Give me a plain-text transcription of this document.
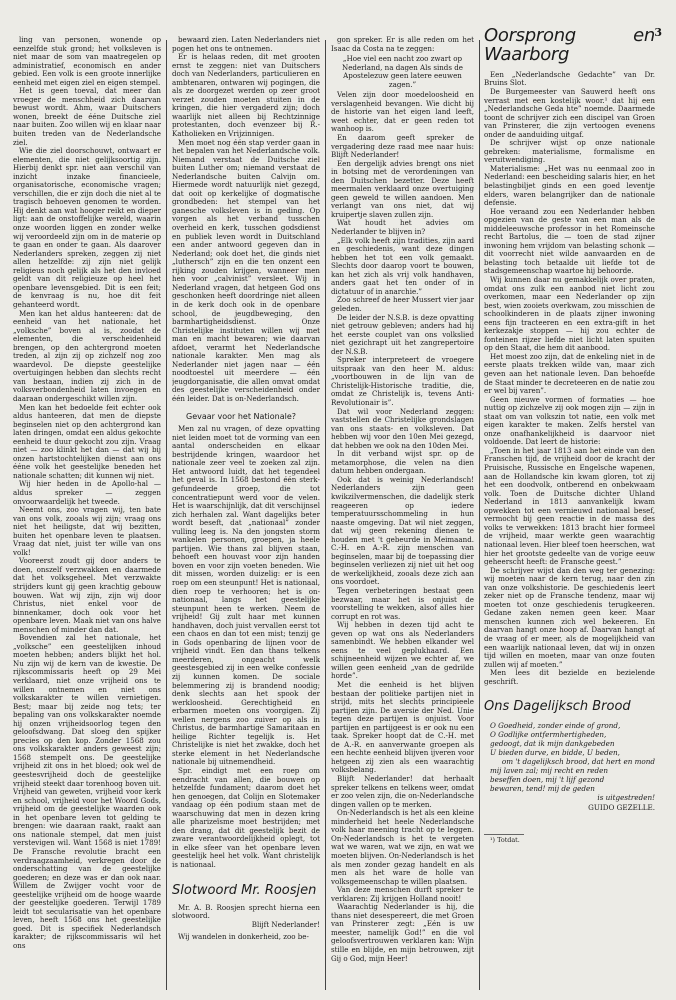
3

ling van personen, wonende op eenzelfde stuk grond; het volksleven is niet maar de som van maatregelen op administratief, economisch en ander gebied. Een volk is een groote innerlijke eenheid met eigen ziel en eigen stempel.

Het is geen toeval, dat meer dan vroeger de menschheid zich daarvan bewust wordt. Ahm, waar Duitschers wonen, breekt de ééne Duitsche ziel naar buiten. Zoo willen wij en klaar naar buiten treden van de Nederlandsche ziel.

Wie die ziel doorschouwt, ontwaart er elementen, die niet gelijksoortig zijn. Hierbij denkt spr. niet aan verschil van inzicht inzake financieele, organisatorische, economische vragen; verschillen, die er zijn doch die niet al te tragisch behoeven genomen te worden. Hij denkt aan wat hooger reikt en dieper ligt: aan de onstoffelijke wereld, waarin onze woorden liggen en zonder welke wij veroordeeld zijn om in de materie op te gaan en onder te gaan. Als daarover Nederlanders spreken, zeggen zij niet allen hetzelfde: zij zijn niet gelijk religieus noch gelijk als het den invloed geldt van dit religieuze op heel het openbare levensgebied. Dit is een feit; de kenvraag is nu, hoe dit feit gehanteerd wordt.

Men kan het aldus hanteeren: dat de eenheid van het nationale, het „volksche” boven al is, zoodat de elementen, die verscheidenheid brengen, op den achtergrond moeten treden, al zijn zij op zichzelf nog zoo waardevol. De diepste geestelijke overtuigingen hebben dan slechts recht van bestaan, indien zij zich in de volksverbondenheid laten invoegen en daaraan ondergeschikt willen zijn.

Men kan het bedoelde feit echter ook aldus hanteeren, dat men de diepste beginselen niet op den achtergrond kan laten dringen, omdat een aldus gekochte eenheid te duur gekocht zou zijn. Vraag niet — zoo klinkt het dan — dat wij bij onzen hartstochtelijken dienst aan ons ééne volk het geestelijke beneden het nationale schatten; dit kunnen wij niet.

Wij hier heden in de Apollo-hal — aldus spreker — zeggen onvoorwaardelijk het tweede.

Neemt ons, zoo vragen wij, ten bate van ons volk, zooals wij zijn; vraag ons niet het heiligste, dat wij bezitten, buiten het openbare leven te plaatsen. Vraag dat niet, juist ter wille van ons volk!

Vooreerst zoudt gij door anders te doen, onszelf verzwakken en daarmede dat het volksgeheel. Met verzwakte strijders kunt gij geen krachtig gebouw bouwen. Wat wij zijn, zijn wij door Christus, niet enkel voor de binnenkamer, doch ook voor het openbare leven. Maak niet van ons halve menschen of minder dan dat.

Bovendien zal het nationale, het „volksche” een geestelijken inhoud moeten hebben; anders blijkt het hol. Nu zijn wij de kern van de kwestie. De rijkscommissaris heeft op 29 Mei verklaard, niet onze vrijheid ons te willen ontnemen en niet ons volkskarakter te willen vernietigen. Best; maar bij zeide nog tets; ter bepaling van ons volkskarakter noemde hij onzen vrijheidsoorlog tegen den geloofsdwang. Dat sloeg den spijker precies op den kop. Zonder 1568 zou ons volkskarakter anders geweest zijn; 1568 stempelt ons. De geestelijke vrijheid zit ons in het bloed; ook wel de geestesvrijheid doch de geestelijke vrijheid steekt daar torenhoog boven uit. Vrijheid van geweten, vrijheid voor kerk en school, vrijheid voor het Woord Gods, vrijheid om de geestelijke waarden ook in het openbare leven tot gelding te brengen: wie daaraan raakt, raakt aan ons nationale stempel, dat men juist verstevigen wil. Want 1568 is niet 1789! De Fransche revolutie bracht een verdraagzaamheid, verkregen door de onderschatting van de geestelijke goederen; en deze was er dan ook naar. Willem de Zwijger vocht voor de geestelijke vrijheid om de hooge waarde der geestelijke goederen. Terwijl 1789 leidt tot secularisatie van het openbare leven, heeft 1568 ons het geestelijke goed. Dit is specifiek Nederlandsch karakter; de rijkscommissaris wil het ons

bewaard zien. Laten Nederlanders niet pogen het ons te ontnemen.

Er is helaas reden, dit met grooten ernst te zeggen: niet van Duitschers doch van Nederlanders, particulieren en ambtenaren, ontwaren wij pogingen, die als ze doorgezet werden op zeer groot verzet zouden moeten stuiten in de kringen, die hier vergaderd zijn; doch waarlijk niet alleen bij Rechtzinnige protestanten, doch evenzeer bij R.-Katholieken en Vrijzinnigen.

Men moet nog één stap verder gaan in het bepalen van het Nederlandsche volk. Niemand verstaat de Duitsche ziel buiten Luther om; niemand verstaat de Nederlandsche buiten Calvijn om. Hiermede wordt natuurlijk niet gezegd, dat ooit op kerkelijke of dogmatische grondbeden: het stempel van het ganesche volksleven is in geding. Op vorgen als het verband tusschen overheid en kerk, tusschen godsdienst en publiek leven wordt in Duitschland een ander antwoord gegeven dan in Nederland; ook doet het, die ginds niet „luthersch” zijn en die ten onzent een rijking zouden krijgen, wanneer men hen voor „calvinist” versleet. Wij in Nederland vragen, dat hetgeen God ons geschonken heeft doordringe niet alleen in de kerk doch ook in de openbare school, de jeugdbeweging, den barmhartigheidsdienst. Onze Christelijke instituten willen wij met man en macht bewaren; wie daarvan afdoet, verarmt het Nederlandsche nationale karakter. Men mag als Nederlander niet jagen naar — één noodtoestel uit meerdere — één jeugdorganisatie, die allen omvat omdat des geestelijke verscheidenheid onder één leider. Dat is on-Nederlandsch.

Gevaar voor het Nationale?

Men zal nu vragen, of deze opvatting niet leiden moet tot de vorming van een aantal onderscheiden en elkaar bestrijdende kringen, waardoor het nationale zeer veel te zoeken zal zijn. Het antwoord luidt, dat het tegendeel het geval is. In 1568 bestond één sterk-gefundeerde groep, die tot concentratiepunt werd voor de velen. Het is waarschijnlijk, dat dit verschijnsel zich herhalen zal. Want dagelijks beter wordt beseft, dat „nationaal” zonder vulling leeg is. Na den jongsten storm wankelen personen, groepen, ja heele partijen. Wie thans zal blijven staan, behoeft een houvast voor zijn handen boven en voor zijn voeten beneden. Wie dit missen, worden duizelig: er is een roep om een steunpunt! Het is nationaal, dien roep te verhooren; het is on-nationaal, langs het geestelijke steunpunt heen te werken. Neem de vrijheid! Gij zult haar met kunnen handhaven, doch juist vervallen eerst tot een chaos en dan tot een mist; tenzij ge in Gods openbaring de lijnen voor de vrijheid vindt. Een dan thans telkens meerderen, ongeacht welk geestesgebied zij in een welke confessie zij kunnen komen. De sociale belemmering zij is brandend noodig; denk slechts aan het spook der werkloosheid. Gerechtigheid en erbarmen moeten ons voorgigen. Zij wellen nergens zoo zuiver op als in Christus, de barmhartige Samaritaan en heilige Richter tegelijk is. Het Christelijke is niet het zwakke, doch het sterke element in het Nederlandsche nationale bij uitnemendheid.

Spr. eindigt met een roep om eendracht van allen, die bouwen op hetzelfde fundament; daarom doet het hen genoegen, dat Colijn en Slotemaker vandaag op één podium staan met de waarschuwing dat men in dezen kring alle pharizeïsme moet bestrijden; met den drang, dat dit geestelijk bezit de zware verantwoordelijkheid oplegt, tot in elke sfeer van het openbare leven geestelijk heel het volk. Want christelijk is nationaal.

Slotwoord Mr. Roosjen

Mr. A. B. Roosjen sprecht hierna een slotwoord.

Blijft Nederlander!

Wij wandelen in donkerheid, zoo be-

gon spreker. Er is alle reden om het Isaac da Costa na te zeggen:

„Hoe viel een nacht zoo zwart op Nederland, na dagen Als sinds de Apostelezuw geen latere eeuwen zagen.”

Velen zijn door moedeloosheid en verslagenheid bevangen. Wie dicht bij de historie van het eigen land leeft, weet echter, dat er geen reden tot wanhoop is.

En daarom geeft spreker de vergadering deze raad mee naar huis: Blijft Nederlander!

Een dergelijk advies brengt ons niet in botsing met de verordeningen van den Duitschen bezetter. Deze heeft meermalen verklaard onze overtuiging geen geweld te willen aandoen. Men verlangt van ons niet, dat wij kruipertje slaven zullen zijn.

Wat houdt het advies om Nederlander te blijven in?

„Elk volk heeft zijn tradities, zijn aard en geschiedenis, want deze dingen hebben het tot een volk gemaakt. Slechts door daarop voort te bouwen, kan het zich als vrij volk handhaven, anders gaat het ten onder of in dictatuur of in anarchie.”

Zoo schreef de heer Mussert vier jaar geleden.

De leider der N.S.B. is deze opvatting niet getrouw gebleven; anders had hij het eerste couplet van ons volkslied niet gezichrapt uit het zangrepertoire der N.S.B.

Spreker interpreteert de vroegere uitspraak van den heer M. aldus: „voortbouwen in de lijn van de Christelijk-Historische traditie, die, omdat ze Christelijk is, tevens Anti-Revolutionair is”.

Dat wil voor Nederland zeggen: vaststellen de Christelijke grondslagen van ons staats- en volksleven. Dat hebben wij voor den 10en Mei gezegd, dat hebben we ook na den 10den Mei.

In dit verband wijst spr. op de metamorphose, die velen na dien datum hebben ondergaan.

Ook dat is weinig Nederlandsch! Nederlanders zijn geen kwikzilvermenschen, die dadelijk sterk reageeren op iedere temperatuursschommeling in hun naaste omgeving. Dat wil niet zeggen, dat wij geen rekening dienen te houden met 't gebeurde in Meimaand. C.-H. en A.-R. zijn menschen van beginselen, maar bij de toepassing dier beginselen verliezen zij niet uit het oog de werkelijkheid, zooals deze zich aan ons voordoet.

Tegen verbeteringen bestaat geen bezwaar, maar het is onjuist de voorstelling te wekken, alsof alles hier corrupt en rot was.

Wij hebben in dezen tijd acht te geven op wat ons als Nederlanders samenbindt. We hebben elkander wel eens te veel geplukhaard. Een schijneenheid wijzen we echter af, we willen geen eenheid „van de gedrilde horde”.

Met die eenheid is het blijven bestaan der politieke partijen niet in strijd, mits het slechts principieele partijen zijn. De aversie der Ned. Unie tegen deze partijen is onjuist. Voor partijen en partijgeest is er ook nu een taak. Spreker hoopt dat de C.-H. met de A.-R. en aanverwante groepen als een hechte eenheid blijven ijveren voor hetgeen zij zien als een waarachtig volksbelang.

Blijft Nederlander! dat herhaalt spreker telkens en telkens weer, omdat er zoo velen zijn, die on-Nederlandsche dingen vallen op te merken.

On-Nederlandsch is het als een kleine minderheid het heele Nederlandsche volk haar meening tracht op te leggen. On-Nederlandsch is het te vergeten wat we waren, wat we zijn, en wat we moeten blijven. On-Nederlandsch is het als men zonder gezag handelt en als men als het ware de holle van volksgemeenschap te willen plaatsen.

Van deze menschen durft spreker te verklaren: Zij krijgen Holland nooit!

Waarachtig Nederlander is hij, die thans niet desespereert, die met Groen van Prinsterer zegt: „Eén is uw meester, namelijk God!” en die vol geloofsvertrouwen verklaren kan: Wijn stille en blijde, en mijn betrouwen, zijt Gij o God, mijn Heer!

Oorsprong en Waarborg

Een „Nederlandsche Gedachte” van Dr. Bruins Slot.

De Burgemeester van Sauwerd heeft ons verrast met een kostelijk woor.¹ dat hij een „Nederlandsche Geda hte” noemde. Daarmede toont de schrijver zich een discipel van Groen van Prinsterer, die zijn vertoogen evenens onder de aanduiding uitgaf.

De schrijver wijst op onze nationale gebreken: materialisme, formalisme en veruitwendiging.

Materialisme: „Het was nu eenmaal zoo in Nederland: een bescheiding salaris hier, en het belastingbiljet ginds en een goed leventje elders, waren belangrijker dan de nationale defensie.

Hoe veraand zou een Nederlander hebben opgezien van de geste van een man als de middeleeuwsche professor in het Romeinsche recht Bartolus, die — toen de stad zijner inwoning hem vrijdom van belasting schonk — dit voorrecht niet wilde aanvaarden en de belasting toch betaalde uit liefde tot de stadsgemeenschap waartoe hij behoorde.

Wij kunnen daar nu gemakkelijk over praten, omdat ons zulk een aanbod niet licht zou overkomen, maar een Nederlander op zijn best, wien zooiets overkwam, zou misschien de schoolkinderen in de plaats zijner inwoning eens fijn tracteeren en een extra-gift in het kerkezakje stoppen — hij zou echter de fonteinen rijzer liefde niet licht laten spuiten op den Staat, die hem dit aanbood.

Het moest zoo zijn, dat de enkeling niet in de eerste plaats trekken wilde van, maar zich geven aan het nationale leven. Dan behoefde de Staat minder te decreteeren en de natie zou er wel bij varen”.

Geen nieuwe vormen of formaties — hoe nuttig op zichzelve zij ook mogen zijn — zijn in staat om van volkszin tot natie, een volk met eigen karakter te maken. Zelfs herstel van onze onafhankelijkheid is daarvoor niet voldoende. Dat leert de historie:

„Toen in het jaar 1813 aan het einde van den Franschen tijd, de vrijheid door de kracht der Pruisische, Russische en Engelsche wapenen, aan de Hollandsche kin kwam gloren, tot zij het een doodvolk, ontberend en onbekwaam volk. Toen de Duitsche dichter Uhland Nederland in 1813 aanvankelijk kwam opwekken tot een vernieuwd nationaal besef, vermocht bij geen reactie in de massa des volks te verwekken: 1813 bracht hier formeel de vrijheid, maar werkte geen waarachtig nationaal leven. Hier bleef toen heerschen, wat hier het grootste gedeelte van de vorige eeuw geheerscht heeft: de Fransche geest.”

De schrijver wijst dan den weg ter genezing: wij moeten naar de kern terug, naar den zin van onze volkshistorie. De geschiedenis leert zeker niet op de Fransche tendenz, maar wij moeten tot onze geschiedenis terugkeeren. Gedane zaken nemen geen keer. Maar menschen kunnen zich wel bekeeren. En daarvan hangt onze hoop af. Daarvan hangt af de vraag of er meer, als de mogelijkheid van een waarlijk nationaal leven, dat wij in onzen tijd willen en moeten, maar van onze fouten zullen wij af moeten.”

Men lees dit bezielde en bezielende geschrift.

Ons Dagelijksch Brood

O Goedheid, zonder einde of grond,

O Godlijke ontfermhertigheden,

gedoogt, dat ik mijn dankgebeden

U bieden durve, en bidde, U beden,

om 't dagelijksch brood, dat hert en mond

mij laven zal; mij recht en reden

beseffen doen, mij 't lijf gezond

bewaren, tend! mij de geden

is uitgestreden!

GUIDO GEZELLE.

¹) Totdat.
